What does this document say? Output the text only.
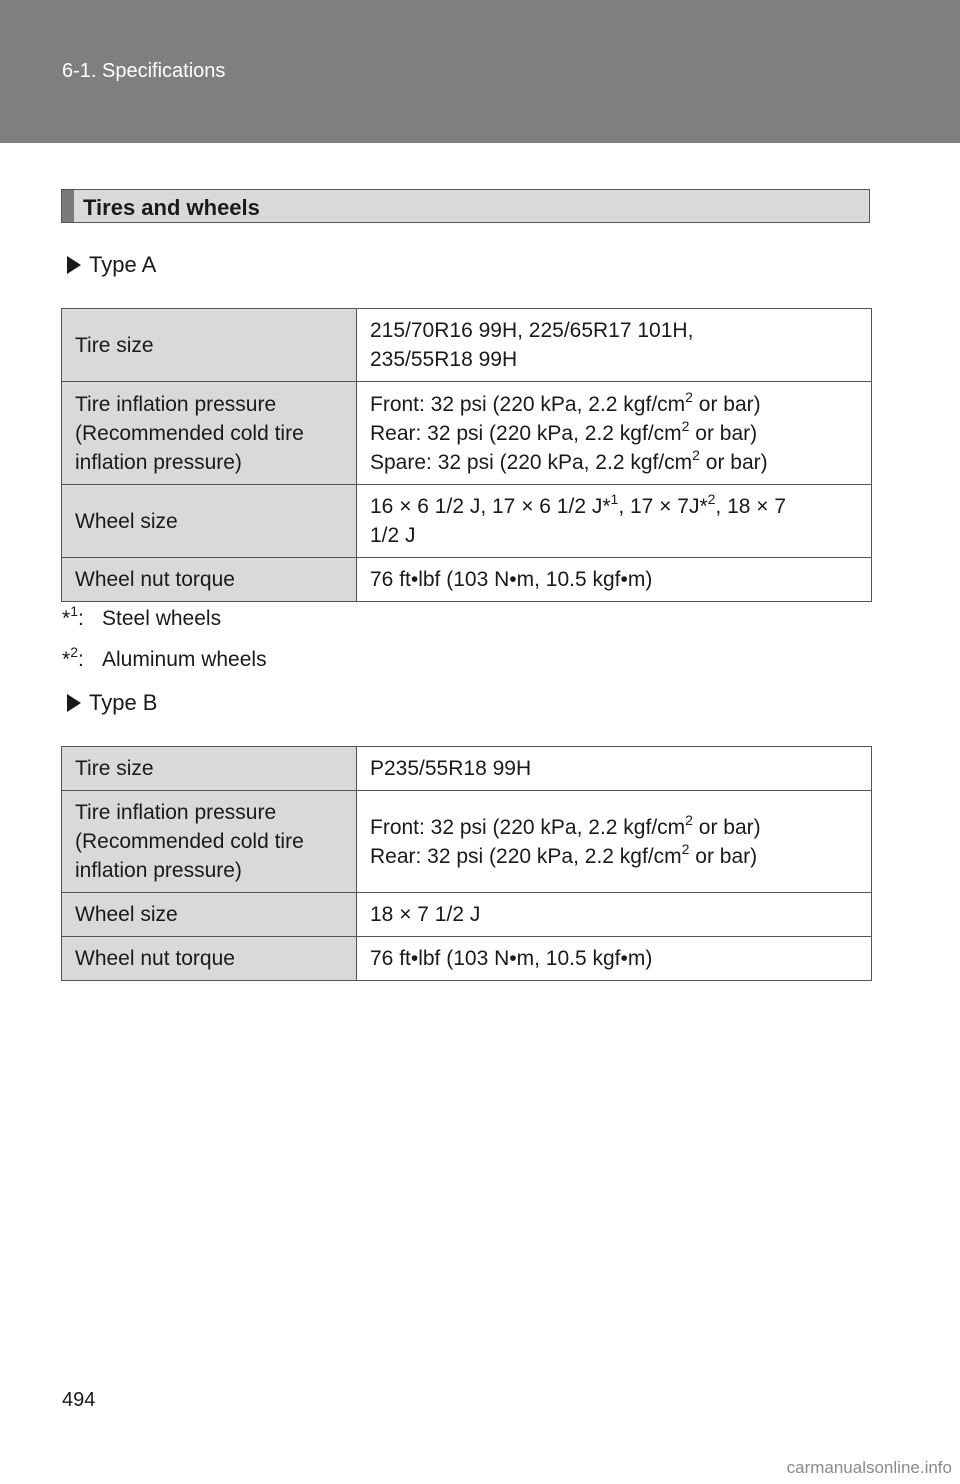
6-1. Specifications
Tires and wheels
Type A
Tire size	215/70R16 99H, 225/65R17 101H,
235/55R18 99H
Tire inflation pressure
(Recommended cold tire
inflation pressure)	Front: 32 psi (220 kPa, 2.2 kgf/$cm^2$ or bar)
Rear: 32 psi (220 kPa, 2.2 kgf/$cm^2$ or bar)
Spare: 32 psi (220 kPa, 2.2 kgf/$cm^2$ or bar)
Wheel size	16 × 6 1/2 J, 17 × 6 1/2 J*$^1$, 17 × 7J*$^2$, 18 × 7
1/2 J
Wheel nut torque	76 ft•lbf (103 N•m, 10.5 kgf•m)
*$^1$: Steel wheels
*$^2$: Aluminum wheels
Type B
Tire size	P235/55R18 99H
Tire inflation pressure
(Recommended cold tire
inflation pressure)	Front: 32 psi (220 kPa, 2.2 kgf/$cm^2$ or bar)
Rear: 32 psi (220 kPa, 2.2 kgf/$cm^2$ or bar)
Wheel size	18 × 7 1/2 J
Wheel nut torque	76 ft•lbf (103 N•m, 10.5 kgf•m)
494
carmanualsonline.info
